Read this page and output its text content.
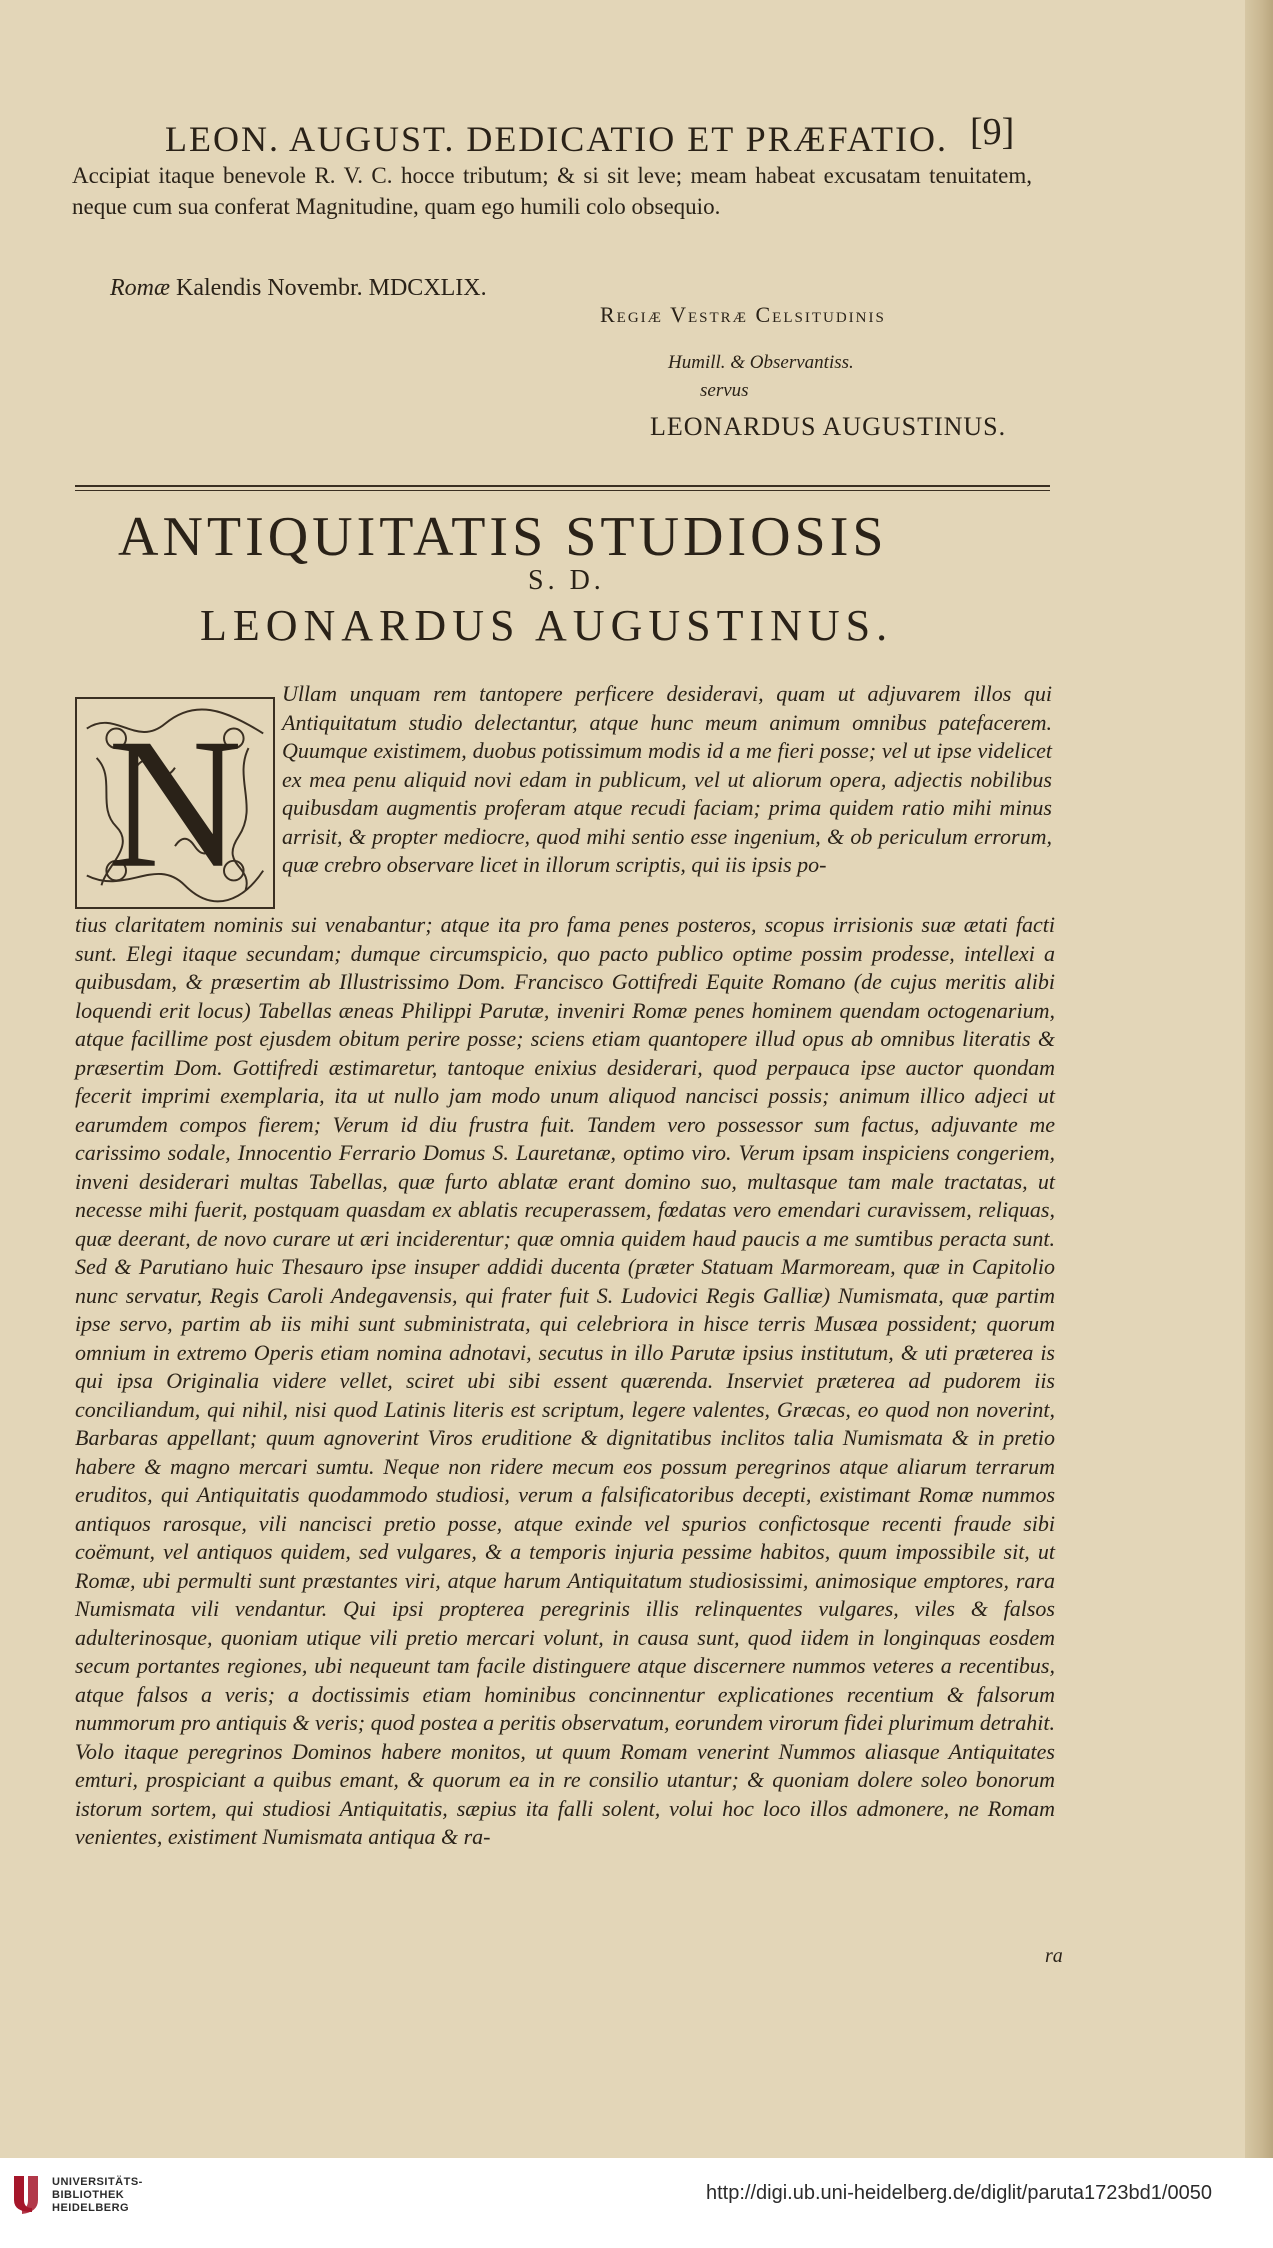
LEON. AUGUST. DEDICATIO ET PRÆFATIO. [9]
Accipiat itaque benevole R. V. C. hocce tributum; & si sit leve; meam habeat excusatam tenuitatem, neque cum sua conferat Magnitudine, quam ego humili colo obsequio.
Romæ Kalendis Novembr. MDCXLIX.
Regiæ Vestræ Celsitudinis
Humill. & Observantiss.
servus
LEONARDUS AUGUSTINUS.
ANTIQUITATIS STUDIOSIS
S. D.
LEONARDUS AUGUSTINUS.
N
Ullam unquam rem tantopere perficere desideravi, quam ut adjuvarem illos qui Antiquitatum studio delectantur, atque hunc meum animum omnibus patefacerem. Quumque existimem, duobus potissimum modis id a me fieri posse; vel ut ipse videlicet ex mea penu aliquid novi edam in publicum, vel ut aliorum opera, adjectis nobilibus quibusdam augmentis proferam atque recudi faciam; prima quidem ratio mihi minus arrisit, & propter mediocre, quod mihi sentio esse ingenium, & ob periculum errorum, quæ crebro observare licet in illorum scriptis, qui iis ipsis po-
tius claritatem nominis sui venabantur; atque ita pro fama penes posteros, scopus irrisionis suæ ætati facti sunt. Elegi itaque secundam; dumque circumspicio, quo pacto publico optime possim prodesse, intellexi a quibusdam, & præsertim ab Illustrissimo Dom. Francisco Gottifredi Equite Romano (de cujus meritis alibi loquendi erit locus) Tabellas æneas Philippi Parutæ, inveniri Romæ penes hominem quendam octogenarium, atque facillime post ejusdem obitum perire posse; sciens etiam quantopere illud opus ab omnibus literatis & præsertim Dom. Gottifredi æstimaretur, tantoque enixius desiderari, quod perpauca ipse auctor quondam fecerit imprimi exemplaria, ita ut nullo jam modo unum aliquod nancisci possis; animum illico adjeci ut earumdem compos fierem; Verum id diu frustra fuit. Tandem vero possessor sum factus, adjuvante me carissimo sodale, Innocentio Ferrario Domus S. Lauretanæ, optimo viro. Verum ipsam inspiciens congeriem, inveni desiderari multas Tabellas, quæ furto ablatæ erant domino suo, multasque tam male tractatas, ut necesse mihi fuerit, postquam quasdam ex ablatis recuperassem, fœdatas vero emendari curavissem, reliquas, quæ deerant, de novo curare ut æri inciderentur; quæ omnia quidem haud paucis a me sumtibus peracta sunt. Sed & Parutiano huic Thesauro ipse insuper addidi ducenta (præter Statuam Marmoream, quæ in Capitolio nunc servatur, Regis Caroli Andegavensis, qui frater fuit S. Ludovici Regis Galliæ) Numismata, quæ partim ipse servo, partim ab iis mihi sunt subministrata, qui celebriora in hisce terris Musæa possident; quorum omnium in extremo Operis etiam nomina adnotavi, secutus in illo Parutæ ipsius institutum, & uti præterea is qui ipsa Originalia videre vellet, sciret ubi sibi essent quærenda. Inserviet præterea ad pudorem iis conciliandum, qui nihil, nisi quod Latinis literis est scriptum, legere valentes, Græcas, eo quod non noverint, Barbaras appellant; quum agnoverint Viros eruditione & dignitatibus inclitos talia Numismata & in pretio habere & magno mercari sumtu. Neque non ridere mecum eos possum peregrinos atque aliarum terrarum eruditos, qui Antiquitatis quodammodo studiosi, verum a falsificatoribus decepti, existimant Romæ nummos antiquos rarosque, vili nancisci pretio posse, atque exinde vel spurios confictosque recenti fraude sibi coëmunt, vel antiquos quidem, sed vulgares, & a temporis injuria pessime habitos, quum impossibile sit, ut Romæ, ubi permulti sunt præstantes viri, atque harum Antiquitatum studiosissimi, animosique emptores, rara Numismata vili vendantur. Qui ipsi propterea peregrinis illis relinquentes vulgares, viles & falsos adulterinosque, quoniam utique vili pretio mercari volunt, in causa sunt, quod iidem in longinquas eosdem secum portantes regiones, ubi nequeunt tam facile distinguere atque discernere nummos veteres a recentibus, atque falsos a veris; a doctissimis etiam hominibus concinnentur explicationes recentium & falsorum nummorum pro antiquis & veris; quod postea a peritis observatum, eorundem virorum fidei plurimum detrahit. Volo itaque peregrinos Dominos habere monitos, ut quum Romam venerint Nummos aliasque Antiquitates emturi, prospiciant a quibus emant, & quorum ea in re consilio utantur; & quoniam dolere soleo bonorum istorum sortem, qui studiosi Antiquitatis, sæpius ita falli solent, volui hoc loco illos admonere, ne Romam venientes, existiment Numismata antiqua & ra-
ra
UNIVERSITÄTS-
BIBLIOTHEK
HEIDELBERG
http://digi.ub.uni-heidelberg.de/diglit/paruta1723bd1/0050
